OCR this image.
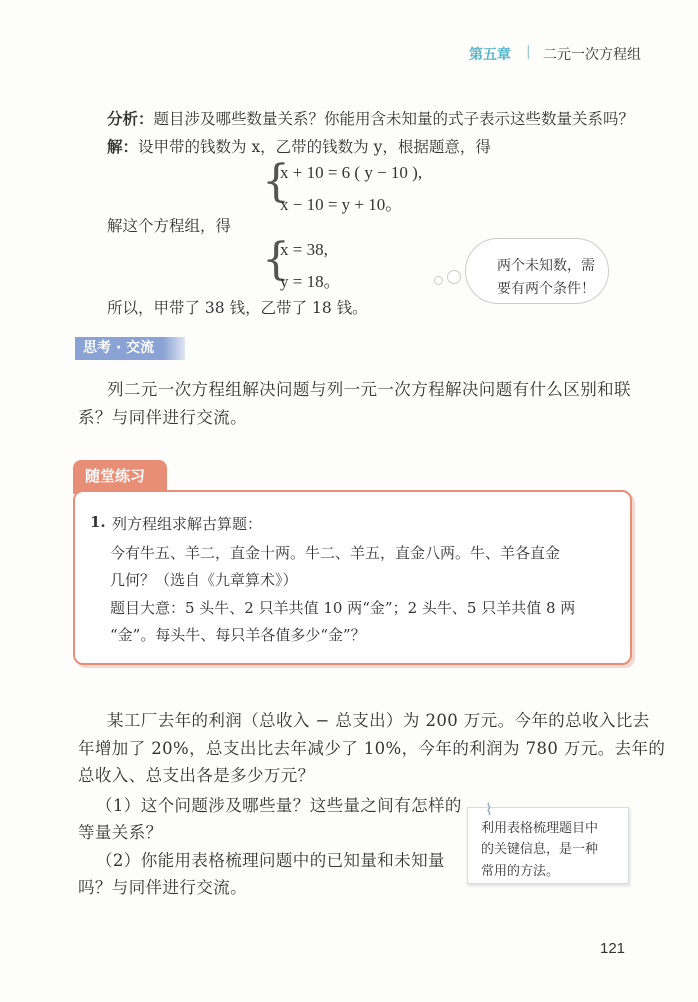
第五章 | 二元一次方程组
分析：题目涉及哪些数量关系？你能用含未知量的式子表示这些数量关系吗？
解：设甲带的钱数为 x，乙带的钱数为 y，根据题意，得
{
x + 10 = 6 ( y − 10 ),
x − 10 = y + 10。
解这个方程组，得
{
x = 38,
y = 18。
所以，甲带了 38 钱，乙带了 18 钱。
两个未知数，需
要有两个条件！
思考 · 交流
列二元一次方程组解决问题与列一元一次方程解决问题有什么区别和联
系？与同伴进行交流。
随堂练习
1. 列方程组求解古算题：
今有牛五、羊二，直金十两。牛二、羊五，直金八两。牛、羊各直金
几何？（选自《九章算术》）
题目大意：5 头牛、2 只羊共值 10 两“金”；2 头牛、5 只羊共值 8 两
“金”。每头牛、每只羊各值多少“金”？
某工厂去年的利润（总收入 − 总支出）为 200 万元。今年的总收入比去
年增加了 20%，总支出比去年减少了 10%，今年的利润为 780 万元。去年的
总收入、总支出各是多少万元？
（1）这个问题涉及哪些量？这些量之间有怎样的
等量关系？
（2）你能用表格梳理问题中的已知量和未知量
吗？与同伴进行交流。
⌇
利用表格梳理题目中
的关键信息，是一种
常用的方法。
121
